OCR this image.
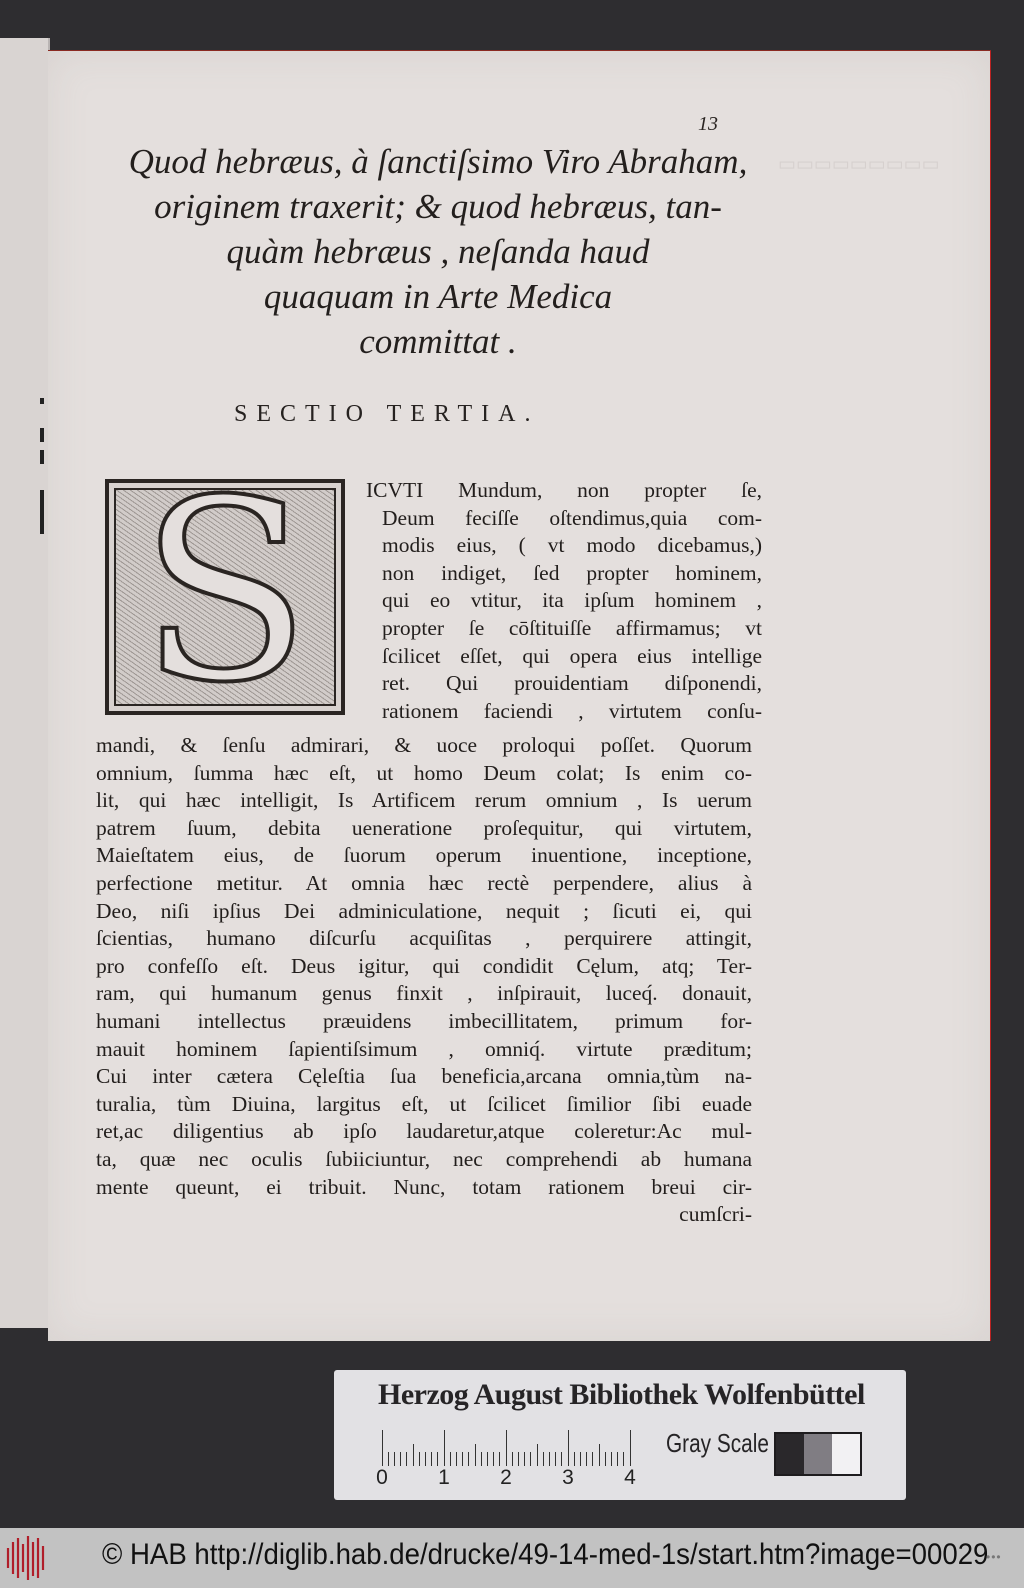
▭▭▭▭▭▭▭▭▭
13
Quod hebræus, à ſanctiſsimo Viro Abraham,
originem traxerit; & quod hebræus, tan-
quàm hebræus , neſanda haud
quaquam in Arte Medica
committat .
SECTIO TERTIA.
S	ICVTI Mundum, non propter ſe,
Deum feciſſe oſtendimus,quia com-
modis eius, ( vt modo dicebamus,)
non indiget, ſed propter hominem,
qui eo vtitur, ita ipſum hominem ,
propter ſe cōſtituiſſe affirmamus; vt
ſcilicet eſſet, qui opera eius intellige
ret. Qui prouidentiam diſponendi,
rationem faciendi , virtutem conſu-
mandi, & ſenſu admirari, & uoce proloqui poſſet. Quorum
omnium, ſumma hæc eſt, ut homo Deum colat; Is enim co-
lit, qui hæc intelligit, Is Artificem rerum omnium , Is uerum
patrem ſuum, debita ueneratione proſequitur, qui virtutem,
Maieſtatem eius, de ſuorum operum inuentione, inceptione,
perfectione metitur. At omnia hæc rectè perpendere, alius à
Deo, niſi ipſius Dei adminiculatione, nequit ; ſicuti ei, qui
ſcientias, humano diſcurſu acquiſitas , perquirere attingit,
pro confeſſo eſt. Deus igitur, qui condidit Cęlum, atq; Ter-
ram, qui humanum genus finxit , inſpirauit, luceq́. donauit,
humani intellectus præuidens imbecillitatem, primum for-
mauit hominem ſapientiſsimum , omniq́. virtute præditum;
Cui inter cætera Cęleſtia ſua beneficia,arcana omnia,tùm na-
turalia, tùm Diuina, largitus eſt, ut ſcilicet ſimilior ſibi euade
ret,ac diligentius ab ipſo laudaretur,atque coleretur:Ac mul-
ta, quæ nec oculis ſubiiciuntur, nec comprehendi ab humana
mente queunt, ei tribuit. Nunc, totam rationem breui cir-
cumſcri-
Herzog August Bibliothek Wolfenbüttel
0 1 2 3 4
Gray Scale
© HAB http://diglib.hab.de/drucke/49-14-med-1s/start.htm?image=00029
•••
